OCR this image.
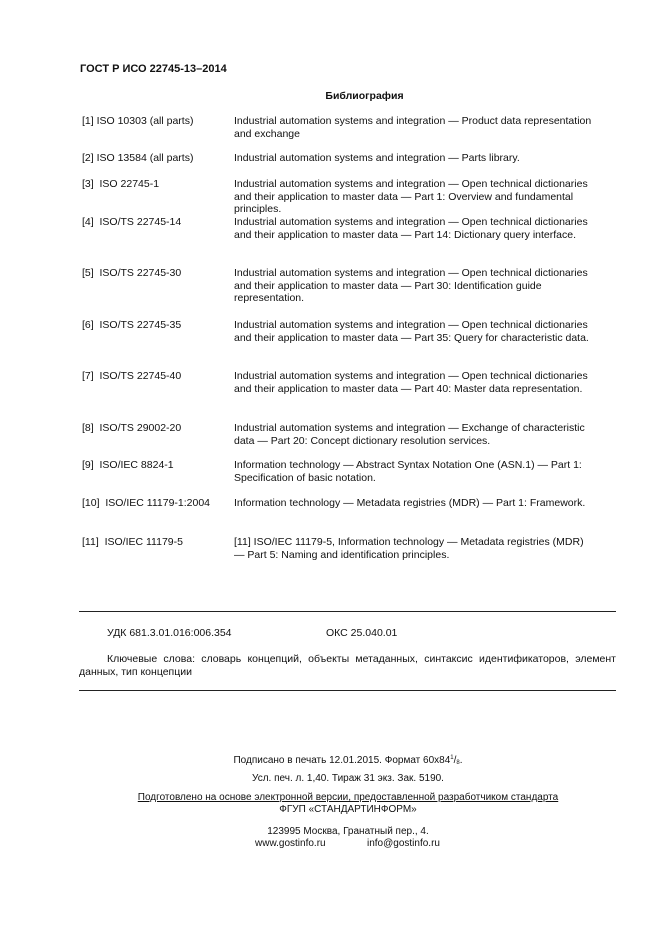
ГОСТ Р ИСО 22745-13–2014
Библиография
[1] ISO 10303 (all parts)	Industrial automation systems and integration — Product data representation and exchange
[2] ISO 13584 (all parts)	Industrial automation systems and integration — Parts library.
[3]  ISO 22745-1	Industrial automation systems and integration — Open technical dictionaries and their application to master data — Part 1: Overview and fundamental principles.
[4]  ISO/TS 22745-14	Industrial automation systems and integration — Open technical dictionaries and their application to master data — Part 14: Dictionary query interface.
[5]  ISO/TS 22745-30	Industrial automation systems and integration — Open technical dictionaries and their application to master data — Part 30: Identification guide representation.
[6]  ISO/TS 22745-35	Industrial automation systems and integration — Open technical dictionaries and their application to master data — Part 35: Query for characteristic data.
[7]  ISO/TS 22745-40	Industrial automation systems and integration — Open technical dictionaries and their application to master data — Part 40: Master data representation.
[8]  ISO/TS 29002-20	Industrial automation systems and integration — Exchange of characteristic data — Part 20: Concept dictionary resolution services.
[9]  ISO/IEC 8824-1	Information technology — Abstract Syntax Notation One (ASN.1) — Part 1: Specification of basic notation.
[10]  ISO/IEC 11179-1:2004 Information technology — Metadata registries (MDR) — Part 1: Framework.
[11]  ISO/IEC 11179-5	[11] ISO/IEC 11179-5, Information technology — Metadata registries (MDR) — Part 5: Naming and identification principles.
УДК 681.3.01.016:006.354	ОКС 25.040.01
Ключевые слова: словарь концепций, объекты метаданных, синтаксис идентификаторов, элемент данных, тип концепции
Подписано в печать 12.01.2015. Формат $60x84^1/_8$.
Усл. печ. л. 1,40. Тираж 31 экз. Зак. 5190.
Подготовлено на основе электронной версии, предоставленной разработчиком стандарта
ФГУП «СТАНДАРТИНФОРМ»
123995 Москва, Гранатный пер., 4.
www.gostinfo.ru	info@gostinfo.ru
